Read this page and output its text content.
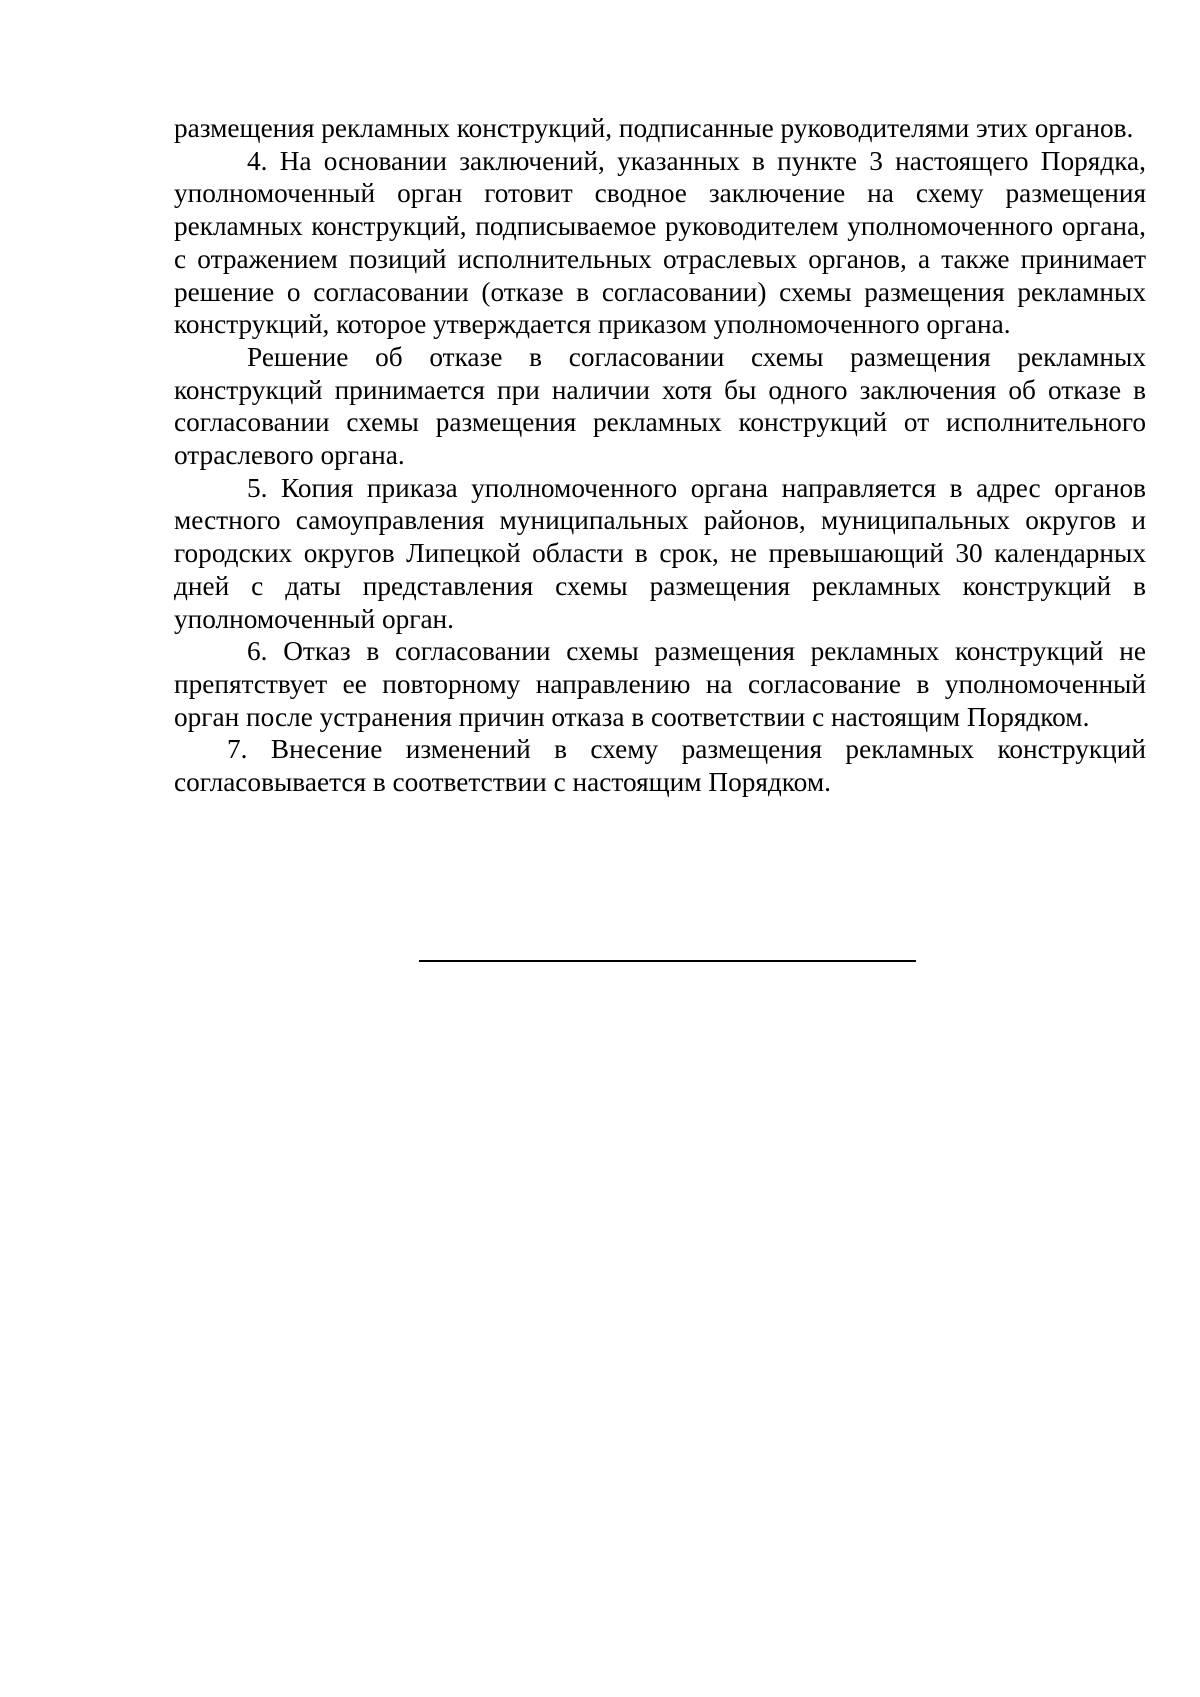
размещения рекламных конструкций, подписанные руководителями этих органов.

4. На основании заключений, указанных в пункте 3 настоящего Порядка, уполномоченный орган готовит сводное заключение на схему размещения рекламных конструкций, подписываемое руководителем уполномоченного органа, с отражением позиций исполнительных отраслевых органов, а также принимает решение о согласовании (отказе в согласовании) схемы размещения рекламных конструкций, которое утверждается приказом уполномоченного органа.

Решение об отказе в согласовании схемы размещения рекламных конструкций принимается при наличии хотя бы одного заключения об отказе в согласовании схемы размещения рекламных конструкций от исполнительного отраслевого органа.

5. Копия приказа уполномоченного органа направляется в адрес органов местного самоуправления муниципальных районов, муниципальных округов и городских округов Липецкой области в срок, не превышающий 30 календарных дней с даты представления схемы размещения рекламных конструкций в уполномоченный орган.

6. Отказ в согласовании схемы размещения рекламных конструкций не препятствует ее повторному направлению на согласование в уполномоченный орган после устранения причин отказа в соответствии с настоящим Порядком.

7. Внесение изменений в схему размещения рекламных конструкций согласовывается в соответствии с настоящим Порядком.
